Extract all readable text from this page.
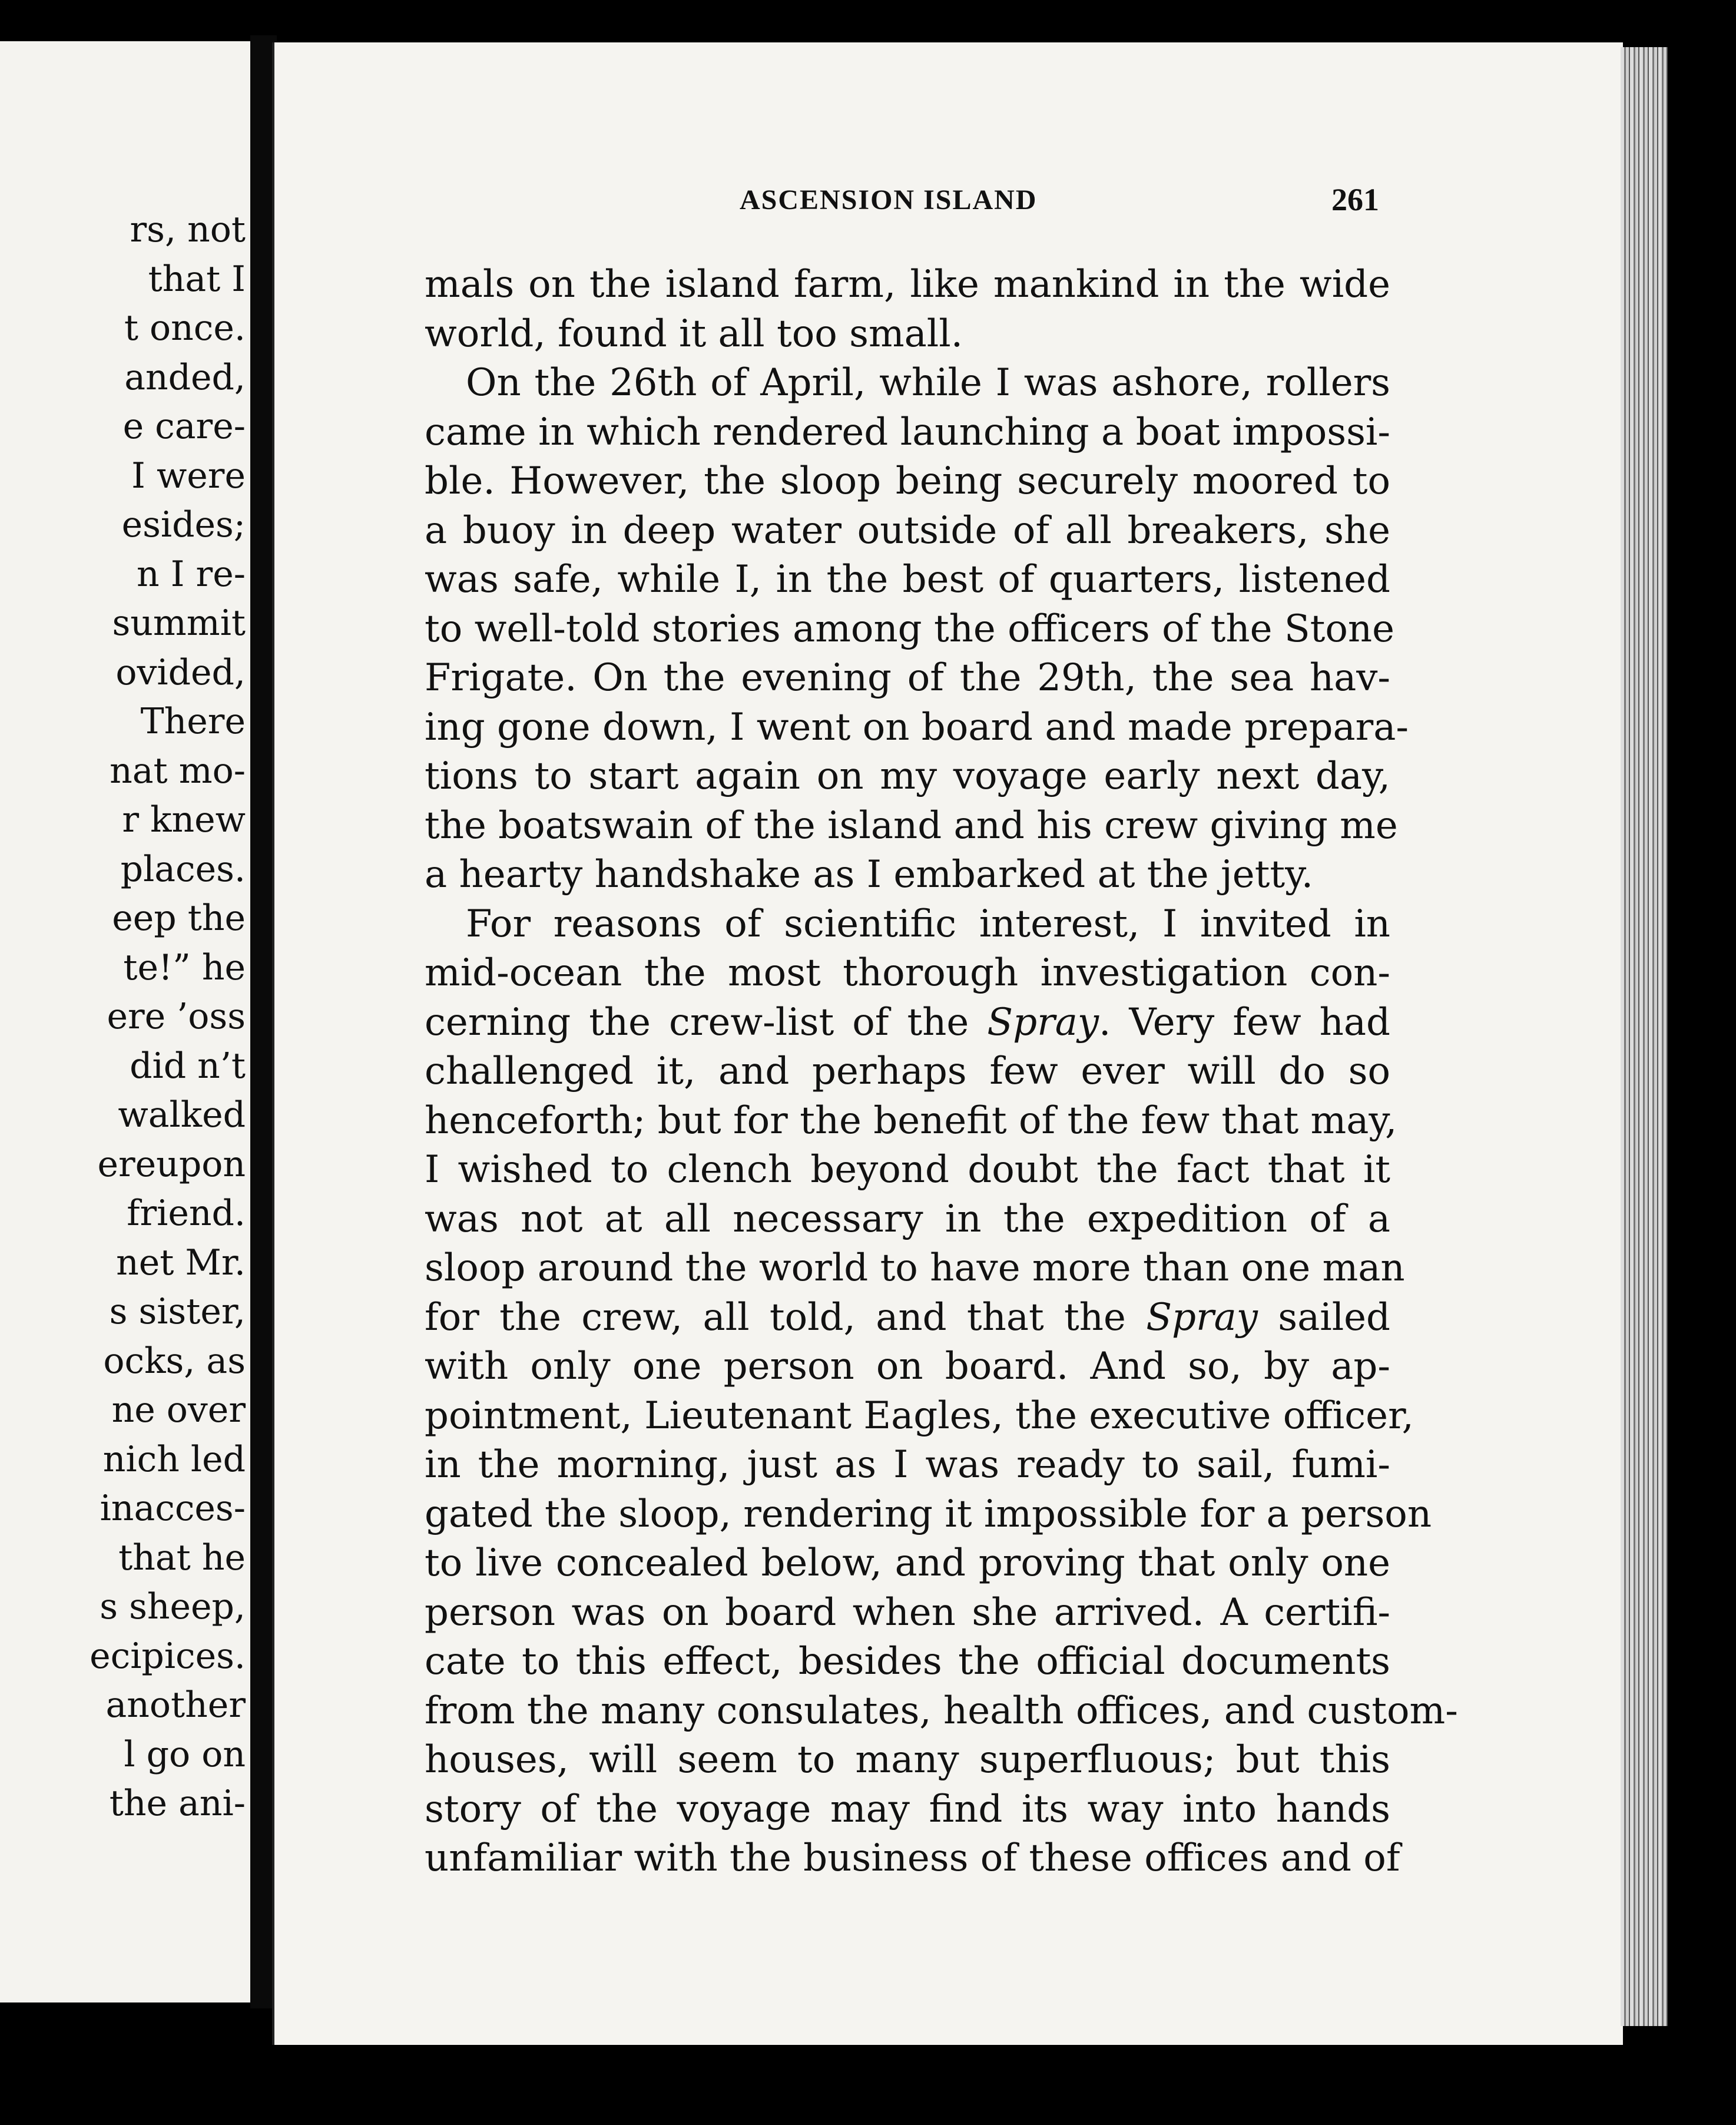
rs, not
that I
t once.
anded,
e care-
I were
esides;
n I re-
summit
ovided,
There
nat mo-
r knew
places.
eep the
te!” he
ere ’oss
did n’t
walked
ereupon
friend.
net Mr.
s sister,
ocks, as
ne over
nich led
inacces-
that he
s sheep,
ecipices.
another
l go on
the ani-
ASCENSION ISLAND	261
mals on the island farm, like mankind in the wide
world, found it all too small.
On the 26th of April, while I was ashore, rollers
came in which rendered launching a boat impossi-
ble. However, the sloop being securely moored to
a buoy in deep water outside of all breakers, she
was safe, while I, in the best of quarters, listened
to well-told stories among the officers of the Stone
Frigate. On the evening of the 29th, the sea hav-
ing gone down, I went on board and made prepara-
tions to start again on my voyage early next day,
the boatswain of the island and his crew giving me
a hearty handshake as I embarked at the jetty.
For reasons of scientific interest, I invited in
mid-ocean the most thorough investigation con-
cerning the crew-list of the Spray. Very few had
challenged it, and perhaps few ever will do so
henceforth; but for the benefit of the few that may,
I wished to clench beyond doubt the fact that it
was not at all necessary in the expedition of a
sloop around the world to have more than one man
for the crew, all told, and that the Spray sailed
with only one person on board. And so, by ap-
pointment, Lieutenant Eagles, the executive officer,
in the morning, just as I was ready to sail, fumi-
gated the sloop, rendering it impossible for a person
to live concealed below, and proving that only one
person was on board when she arrived. A certifi-
cate to this effect, besides the official documents
from the many consulates, health offices, and custom-
houses, will seem to many superfluous; but this
story of the voyage may find its way into hands
unfamiliar with the business of these offices and of
